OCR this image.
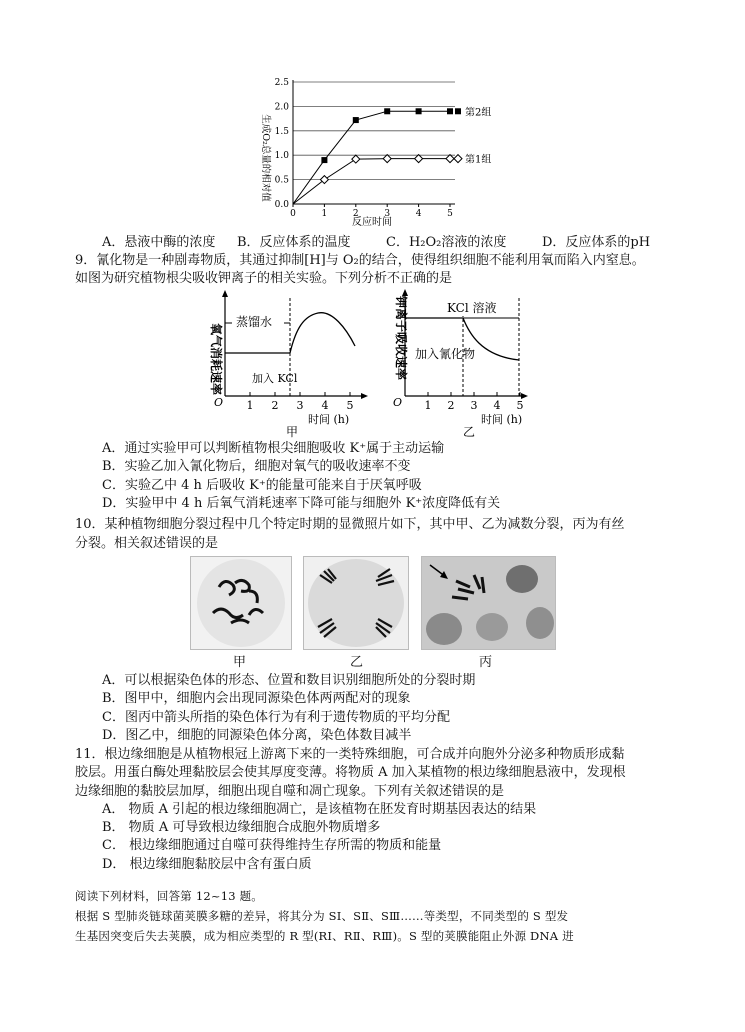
0.0
0.5
1.0
1.5
2.0
2.5
0	1	2	3	4	5
第2组
第1组
生成O₂总量的相对值
反应时间
A．悬液中酶的浓度 B．反应体系的温度	C．H₂O₂溶液的浓度	D．反应体系的pH
9．氰化物是一种剧毒物质，其通过抑制[H]与 O₂的结合，使得组织细胞不能利用氧而陷入内窒息。
如图为研究植物根尖吸收钾离子的相关实验。下列分析不正确的是
氧气消耗速率
O 1 2 3 4 5
蒸馏水
加入 KCl
时间 (h)
甲
钾离子吸收速率
O 1 2 3 4 5
KCl 溶液
加入氰化物
时间 (h)
乙
A．通过实验甲可以判断植物根尖细胞吸收 K⁺属于主动运输
B．实验乙加入氰化物后，细胞对氧气的吸收速率不变
C．实验乙中 4 h 后吸收 K⁺的能量可能来自于厌氧呼吸
D．实验甲中 4 h 后氧气消耗速率下降可能与细胞外 K⁺浓度降低有关
10．某种植物细胞分裂过程中几个特定时期的显微照片如下，其中甲、乙为减数分裂，丙为有丝
分裂。相关叙述错误的是
甲	乙	丙
A．可以根据染色体的形态、位置和数目识别细胞所处的分裂时期
B．图甲中，细胞内会出现同源染色体两两配对的现象
C．图丙中箭头所指的染色体行为有利于遗传物质的平均分配
D．图乙中，细胞的同源染色体分离，染色体数目减半
11．根边缘细胞是从植物根冠上游离下来的一类特殊细胞，可合成并向胞外分泌多种物质形成黏
胶层。用蛋白酶处理黏胶层会使其厚度变薄。将物质 A 加入某植物的根边缘细胞悬液中，发现根
边缘细胞的黏胶层加厚，细胞出现自噬和凋亡现象。下列有关叙述错误的是
A． 物质 A 引起的根边缘细胞凋亡，是该植物在胚发育时期基因表达的结果
B． 物质 A 可导致根边缘细胞合成胞外物质增多
C． 根边缘细胞通过自噬可获得维持生存所需的物质和能量
D． 根边缘细胞黏胶层中含有蛋白质
阅读下列材料，回答第 12~13 题。
根据 S 型肺炎链球菌荚膜多糖的差异，将其分为 SⅠ、SⅡ、SⅢ……等类型，不同类型的 S 型发
生基因突变后失去荚膜，成为相应类型的 R 型(RⅠ、RⅡ、RⅢ)。S 型的荚膜能阻止外源 DNA 进
